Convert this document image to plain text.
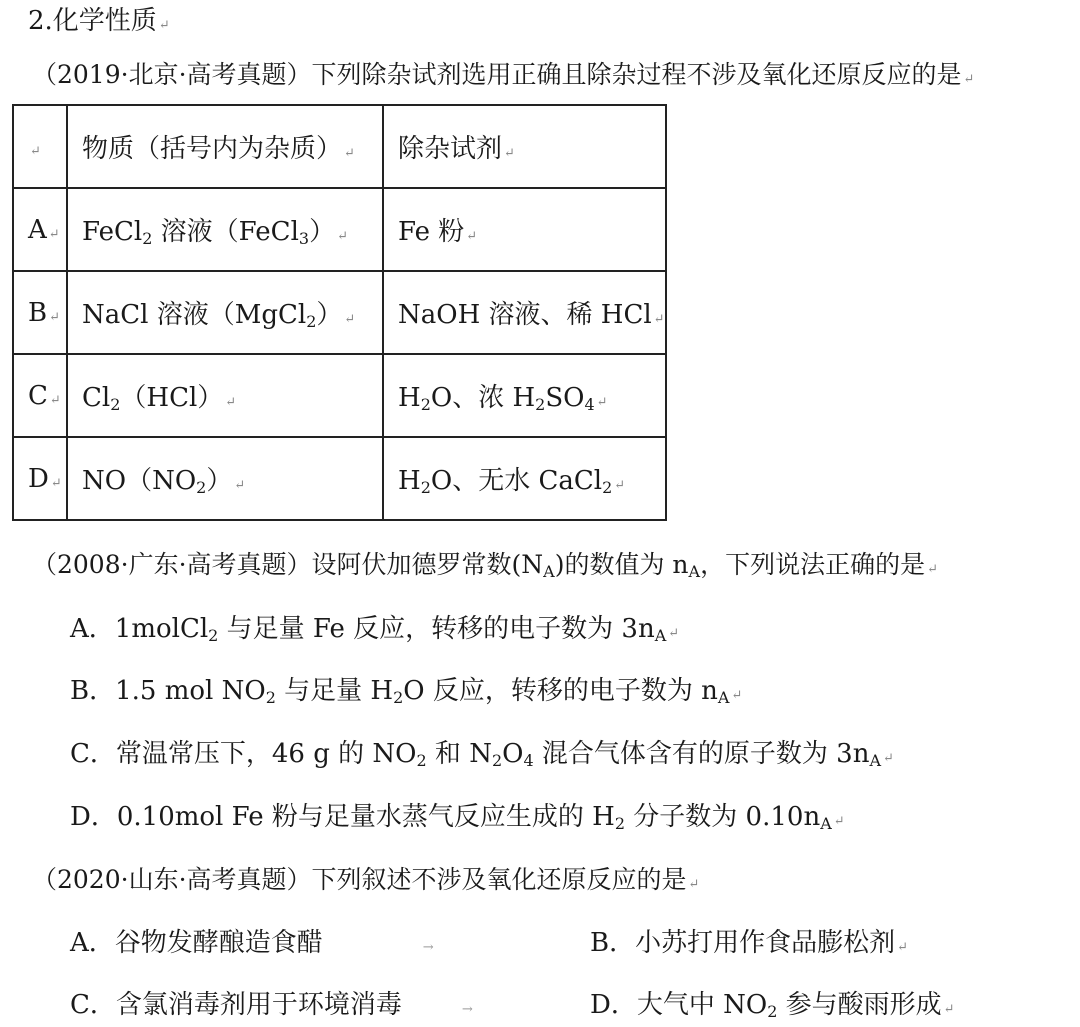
2.化学性质 ↵
（2019·北京·高考真题）下列除杂试剂选用正确且除杂过程不涉及氧化还原反应的是 ↵
↵	物质（括号内为杂质） ↵	除杂试剂 ↵
A ↵	FeCl$_2$ 溶液（FeCl$_3$） ↵	Fe 粉 ↵
B ↵	NaCl 溶液（MgCl$_2$） ↵	NaOH 溶液、稀 HCl ↵
C ↵	$Cl_2(HCl)$ ↵	$H_2O$、浓 $H_2SO_4$ ↵
D ↵	$NO(NO_2)$ ↵	$H_2O$、无水 CaCl$_2$ ↵
（2008·广东·高考真题）设阿伏加德罗常数$(N_A)$的数值为 $n_A$，下列说法正确的是 ↵
A．1molCl$_2$ 与足量 Fe 反应，转移的电子数为 $3n_A$ ↵
B．1.5 mol $NO_2$ 与足量 $H_2O$ 反应，转移的电子数为 $n_A$ ↵
C．常温常压下，46 g 的 $NO_2$ 和 $N_2O_4$ 混合气体含有的原子数为 $3n_A$ ↵
D．0.10mol Fe 粉与足量水蒸气反应生成的 $H_2$ 分子数为 $0.10n_A$ ↵
（2020·山东·高考真题）下列叙述不涉及氧化还原反应的是 ↵
A．谷物发酵酿造食醋	→	B．小苏打用作食品膨松剂 ↵
C．含氯消毒剂用于环境消毒	→	D．大气中 $NO_2$ 参与酸雨形成 ↵
